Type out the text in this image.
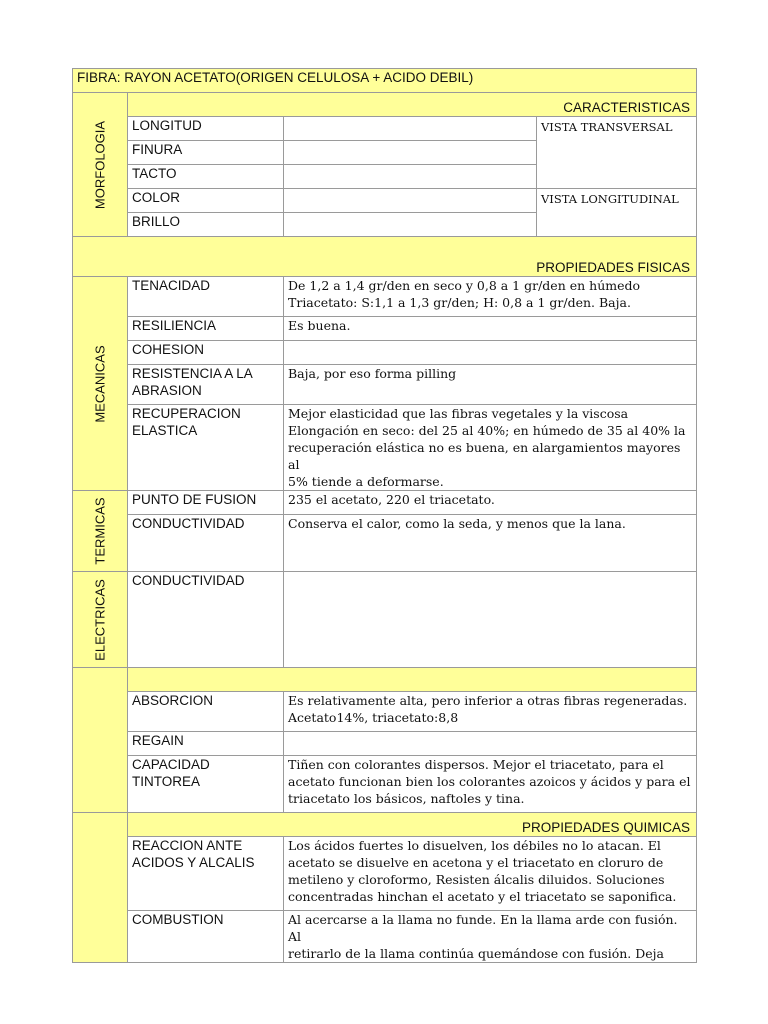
FIBRA: RAYON ACETATO(ORIGEN CELULOSA + ACIDO DEBIL)			

MORFOLOGIA	CARACTERISTICAS		
	LONGITUD		VISTA TRANSVERSAL
	FINURA		
	TACTO		
	COLOR		VISTA LONGITUDINAL
	BRILLO		
PROPIEDADES FISICAS			

MECANICAS	TENACIDAD	De 1,2 a 1,4 gr/den en seco y 0,8 a 1 gr/den en húmedo
Triacetato: S:1,1 a 1,3 gr/den; H: 0,8 a 1 gr/den. Baja.	

	RESILIENCIA	Es buena.	

	COHESION		

	RESISTENCIA A LA
ABRASION	Baja, por eso forma pilling	

	RECUPERACION
ELASTICA	Mejor elasticidad que las fibras vegetales y la viscosa
Elongación en seco: del 25 al 40%; en húmedo de 35 al 40% la
recuperación elástica no es buena, en alargamientos mayores al
5% tiende a deformarse.	

TERMICAS	PUNTO DE FUSION	235 el acetato, 220 el triacetato.	

	CONDUCTIVIDAD	Conserva el calor, como la seda, y menos que la lana.	

ELECTRICAS	CONDUCTIVIDAD		

	ABSORCION	Es relativamente alta, pero inferior a otras fibras regeneradas.
Acetato14%, triacetato:8,8	

	REGAIN		

	CAPACIDAD
TINTOREA	Tiñen con colorantes dispersos. Mejor el triacetato, para el
acetato funcionan bien los colorantes azoicos y ácidos y para el
triacetato los básicos, naftoles y tina.	

	PROPIEDADES QUIMICAS		

	REACCION ANTE
ACIDOS Y ALCALIS	Los ácidos fuertes lo disuelven, los débiles no lo atacan. El
acetato se disuelve en acetona y el triacetato en cloruro de
metileno y cloroformo, Resisten álcalis diluidos. Soluciones
concentradas hinchan el acetato y el triacetato se saponifica.	

	COMBUSTION	Al acercarse a la llama no funde. En la llama arde con fusión. Al
retirarlo de la llama continúa quemándose con fusión. Deja	
